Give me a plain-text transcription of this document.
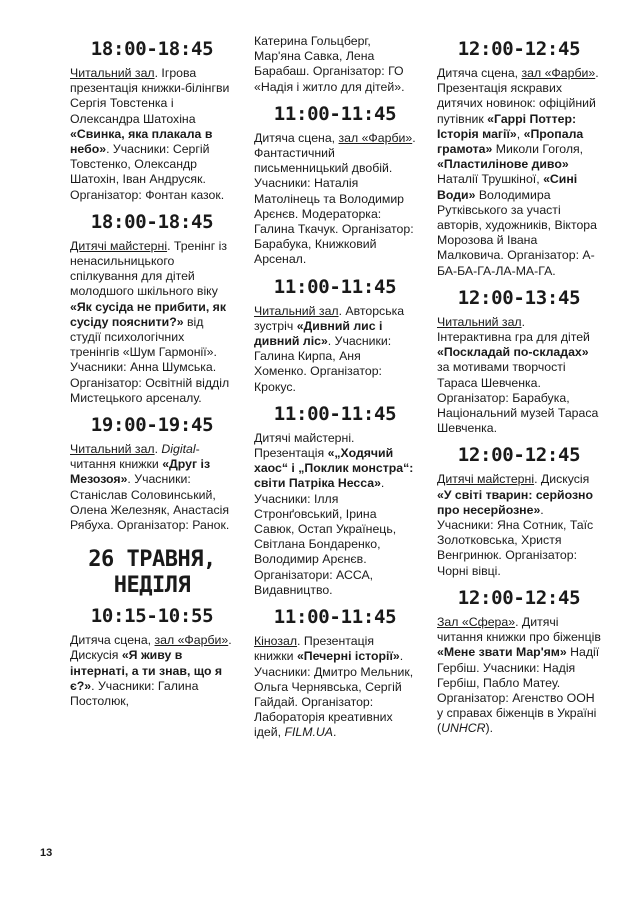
18:00-18:45
Читальний зал. Ігрова презентація книжки-білінгви Сергія Товстенка і Олександра Шатохіна «Свинка, яка плакала в небо». Учасники: Сергій Товстенко, Олександр Шатохін, Іван Андрусяк. Організатор: Фонтан казок.
18:00-18:45
Дитячі майстерні. Тренінг із ненасильницького спілкування для дітей молодшого шкільного віку «Як сусіда не прибити, як сусіду пояснити?» від студії психологічних тренінгів «Шум Гармонії». Учасники: Анна Шумська. Організатор: Освітній відділ Мистецького арсеналу.
19:00-19:45
Читальний зал. Digital-читання книжки «Друг із Мезозоя». Учасники: Станіслав Соловинський, Олена Железняк, Анастасія Рябуха. Організатор: Ранок.
26 ТРАВНЯ,
НЕДІЛЯ
10:15-10:55
Дитяча сцена, зал «Фарби». Дискусія «Я живу в інтернаті, а ти знав, що я є?». Учасники: Галина Постолюк,
Катерина Гольцберг, Мар'яна Савка, Лена Барабаш. Організатор: ГО «Надія і житло для дітей».
11:00-11:45
Дитяча сцена, зал «Фарби». Фантастичний письменницький двобій. Учасники: Наталія Матолінець та Володимир Арєнєв. Модераторка: Галина Ткачук. Організатор: Барабука, Книжковий Арсенал.
11:00-11:45
Читальний зал. Авторська зустріч «Дивний лис і дивний ліс». Учасники: Галина Кирпа, Аня Хоменко. Організатор: Крокус.
11:00-11:45
Дитячі майстерні. Презентація «„Ходячий хаос“ і „Поклик монстра“: світи Патріка Несса». Учасники: Ілля Стронґовський, Ірина Савюк, Остап Українець, Світлана Бондаренко, Володимир Арєнєв. Організатори: АССА, Видавництво.
11:00-11:45
Кінозал. Презентація книжки «Печерні історії». Учасники: Дмитро Мельник, Ольга Чернявська, Сергій Гайдай. Організатор: Лабораторія креативних ідей, FILM.UA.
12:00-12:45
Дитяча сцена, зал «Фарби». Презентація яскравих дитячих новинок: офіційний путівник «Гаррі Поттер: Історія магії», «Пропала грамота» Миколи Гоголя, «Пластилінове диво» Наталії Трушкіної, «Сині Води» Володимира Рутківського за участі авторів, художників, Віктора Морозова й Івана Малковича. Організатор: А-БА-БА-ГА-ЛА-МА-ГА.
12:00-13:45
Читальний зал. Інтерактивна гра для дітей «Поскладай по-складах» за мотивами творчості Тараса Шевченка. Організатор: Барабука, Національний музей Тараса Шевченка.
12:00-12:45
Дитячі майстерні. Дискусія «У світі тварин: серйозно про несерйозне». Учасники: Яна Сотник, Таїс Золотковська, Христя Венгринюк. Організатор: Чорні вівці.
12:00-12:45
Зал «Сфера». Дитячі читання книжки про біженців «Мене звати Мар'ям» Надії Гербіш. Учасники: Надія Гербіш, Пабло Матеу. Організатор: Агенство ООН у справах біженців в Україні (UNHCR).
13
